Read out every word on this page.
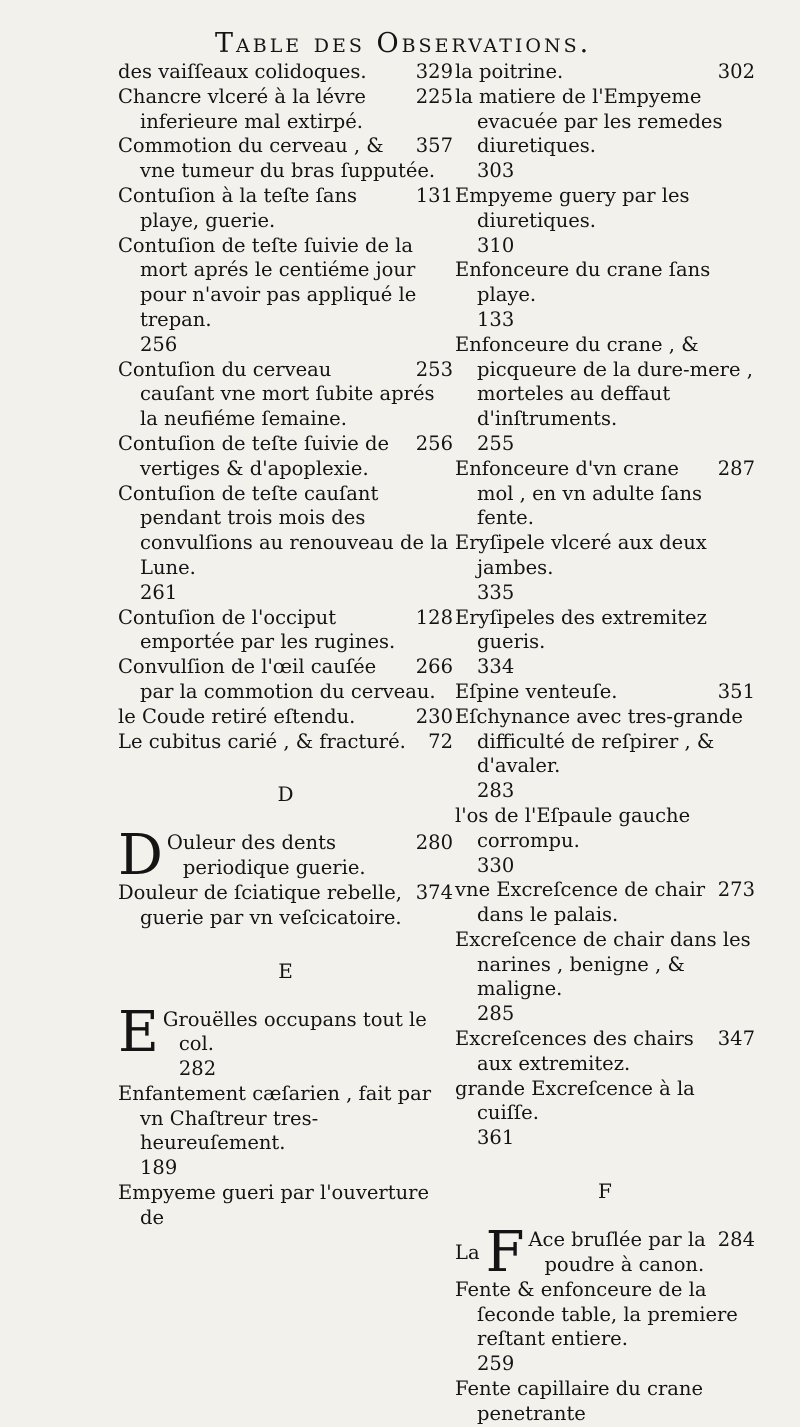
Table des Observations.
329
des vaiſſeaux colidoques.
225
Chancre vlceré à la lévre inferieure mal extirpé.
357
Commotion du cerveau , & vne tumeur du bras ſupputée.
131
Contuſion à la teſte ſans playe, guerie.
Contuſion de teſte ſuivie de la mort aprés le centiéme jour pour n'avoir pas appliqué le trepan.
256
253
Contuſion du cerveau cauſant vne mort ſubite aprés la neufiéme ſemaine.
256
Contuſion de teſte ſuivie de vertiges & d'apoplexie.
Contuſion de teſte cauſant pendant trois mois des convulſions au renouveau de la Lune.
261
128
Contuſion de l'occiput emportée par les rugines.
266
Convulſion de l'œil cauſée par la commotion du cerveau.
230
le Coude retiré eſtendu.
72
Le cubitus carié , & fracturé.
D
D	280
Ouleur des dents periodique guerie.
374
Douleur de ſciatique rebelle, guerie par vn veſcicatoire.
E
E Grouëlles occupans tout le col.
282
Enfantement cæſarien , fait par vn Chaſtreur tres-heureuſement.
189
Empyeme gueri par l'ouverture de
302
la poitrine.
la matiere de l'Empyeme evacuée par les remedes diuretiques.
303
Empyeme guery par les diuretiques.
310
Enfonceure du crane ſans playe.
133
Enfonceure du crane , & picqueure de la dure-mere , morteles au deffaut d'inſtruments.
255
287
Enfonceure d'vn crane mol , en vn adulte ſans fente.
Eryſipele vlceré aux deux jambes.
335
Eryſipeles des extremitez gueris.
334
351
Eſpine venteuſe.
Eſchynance avec tres-grande difficulté de reſpirer , & d'avaler.
283
l'os de l'Eſpaule gauche corrompu.
330
273
vne Excreſcence de chair dans le palais.
Excreſcence de chair dans les narines , benigne , & maligne.
285
347
Excreſcences des chairs aux extremitez.
grande Excreſcence à la cuiſſe.
361
F
La F	284
Ace bruſlée par la poudre à canon.
Fente & enfonceure de la ſeconde table, la premiere reſtant entiere.
259
Fente capillaire du crane penetrante
